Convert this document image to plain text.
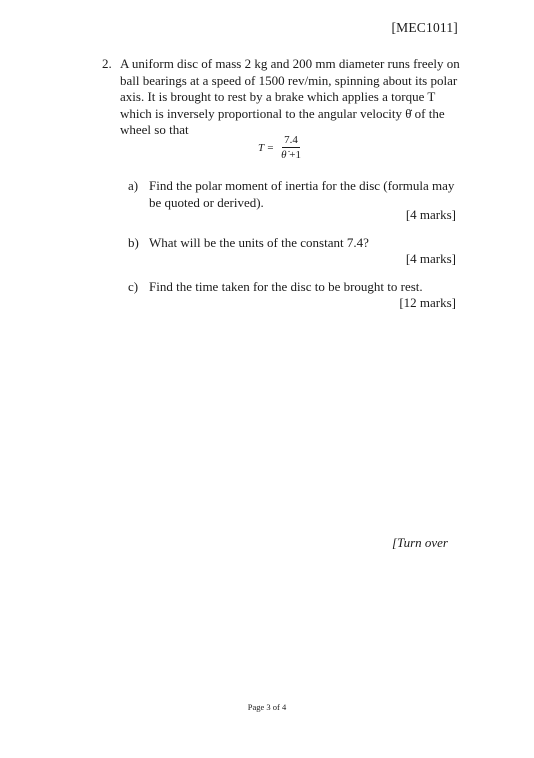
[MEC1011]
2. A uniform disc of mass 2 kg and 200 mm diameter runs freely on
ball bearings at a speed of 1500 rev/min, spinning about its polar
axis. It is brought to rest by a brake which applies a torque T
which is inversely proportional to the angular velocity θ̇ of the
wheel so that
$T = \frac{7.4}{\thetȧ +1}$
a) Find the polar moment of inertia for the disc (formula may
be quoted or derived).
[4 marks]
b) What will be the units of the constant 7.4?
[4 marks]
c) Find the time taken for the disc to be brought to rest.
[12 marks]
[Turn over
Page 3 of 4
